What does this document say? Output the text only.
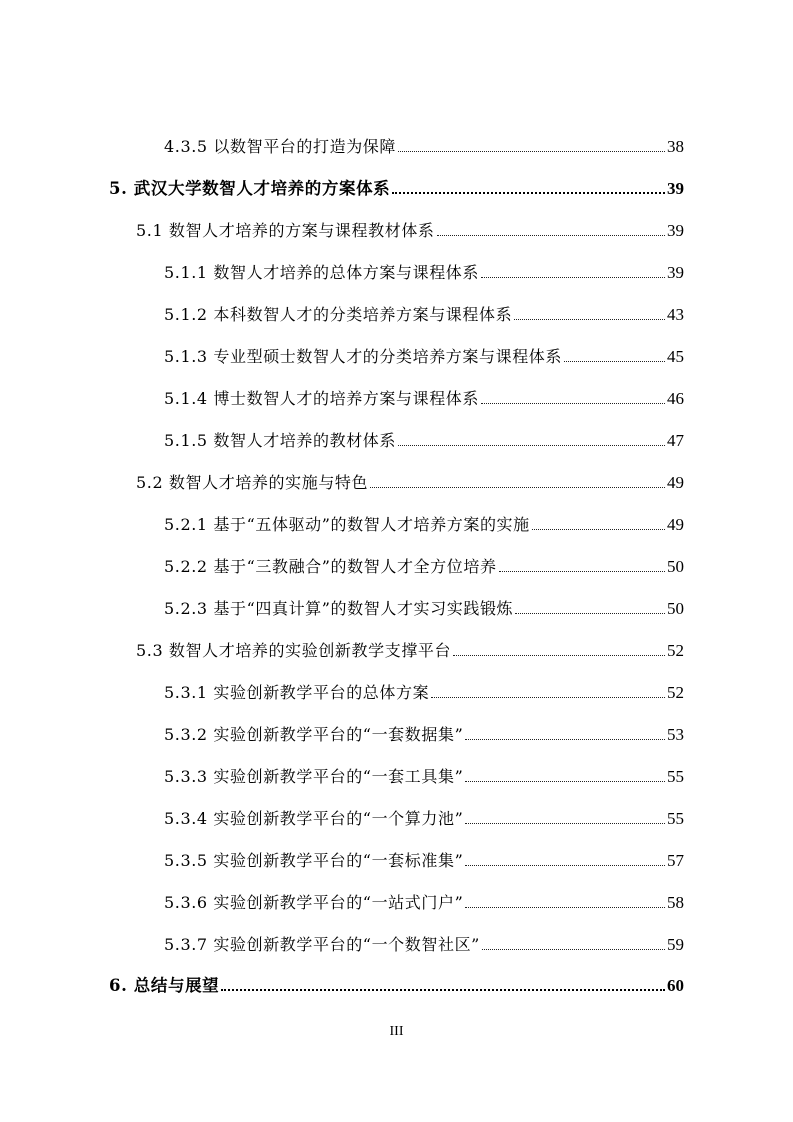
4.3.5 以数智平台的打造为保障	38
5. 武汉大学数智人才培养的方案体系	39
5.1 数智人才培养的方案与课程教材体系	39
5.1.1 数智人才培养的总体方案与课程体系	39
5.1.2 本科数智人才的分类培养方案与课程体系	43
5.1.3 专业型硕士数智人才的分类培养方案与课程体系	45
5.1.4 博士数智人才的培养方案与课程体系	46
5.1.5 数智人才培养的教材体系	47
5.2 数智人才培养的实施与特色	49
5.2.1 基于“五体驱动”的数智人才培养方案的实施	49
5.2.2 基于“三教融合”的数智人才全方位培养	50
5.2.3 基于“四真计算”的数智人才实习实践锻炼	50
5.3 数智人才培养的实验创新教学支撑平台	52
5.3.1 实验创新教学平台的总体方案	52
5.3.2 实验创新教学平台的“一套数据集”	53
5.3.3 实验创新教学平台的“一套工具集”	55
5.3.4 实验创新教学平台的“一个算力池”	55
5.3.5 实验创新教学平台的“一套标准集”	57
5.3.6 实验创新教学平台的“一站式门户”	58
5.3.7 实验创新教学平台的“一个数智社区”	59
6. 总结与展望	60
III
